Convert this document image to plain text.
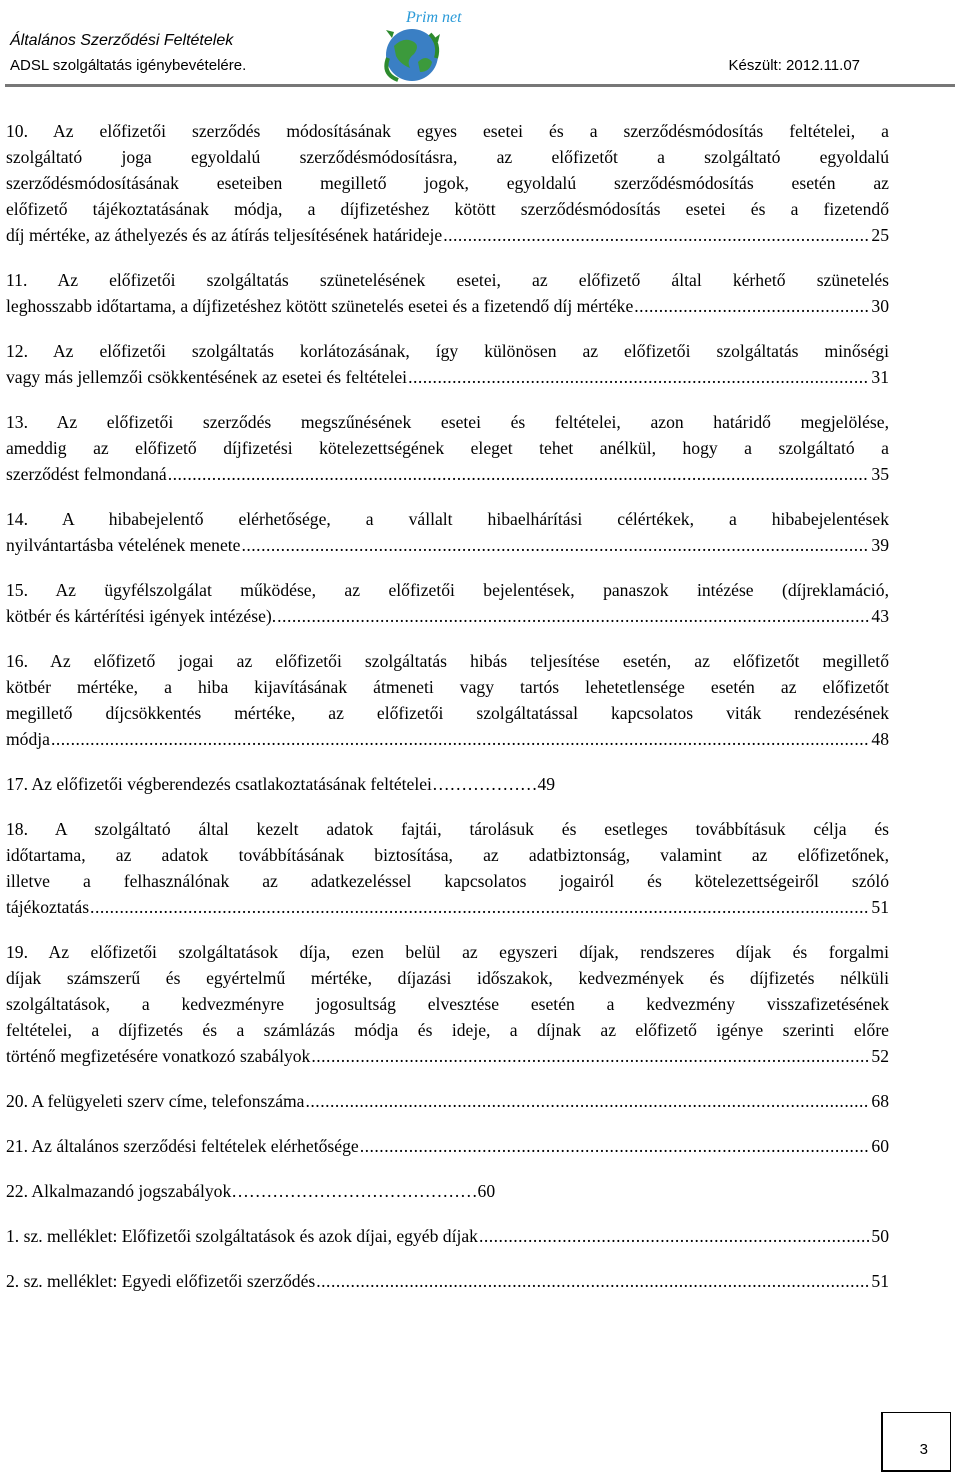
Általános Szerződési Feltételek
ADSL szolgáltatás igénybevételére.	Készült: 2012.11.07
Prim net
10. Az előfizetői szerződés módosításának egyes esetei és a szerződésmódosítás feltételei, a
szolgáltató joga egyoldalú szerződésmódosításra, az előfizetőt a szolgáltató egyoldalú
szerződésmódosításának eseteiben megillető jogok, egyoldalú szerződésmódosítás esetén az
előfizető tájékoztatásának módja, a díjfizetéshez kötött szerződésmódosítás esetei és a fizetendő
díj mértéke, az áthelyezés és az átírás teljesítésének határideje .....	25
11. Az előfizetői szolgáltatás szünetelésének esetei, az előfizető által kérhető szünetelés
leghosszabb időtartama, a díjfizetéshez kötött szünetelés esetei és a fizetendő díj mértéke .....	30
12. Az előfizetői szolgáltatás korlátozásának, így különösen az előfizetői szolgáltatás minőségi
vagy más jellemzői csökkentésének az esetei és feltételei .....	31
13. Az előfizetői szerződés megszűnésének esetei és feltételei, azon határidő megjelölése,
ameddig az előfizető díjfizetési kötelezettségének eleget tehet anélkül, hogy a szolgáltató a
szerződést felmondaná .....	35
14. A hibabejelentő elérhetősége, a vállalt hibaelhárítási célértékek, a hibabejelentések
nyilvántartásba vételének menete .....	39
15. Az ügyfélszolgálat működése, az előfizetői bejelentések, panaszok intézése (díjreklamáció,
kötbér és kártérítési igények intézése). .....	43
16. Az előfizető jogai az előfizetői szolgáltatás hibás teljesítése esetén, az előfizetőt megillető
kötbér mértéke, a hiba kijavításának átmeneti vagy tartós lehetetlensége esetén az előfizetőt
megillető díjcsökkentés mértéke, az előfizetői szolgáltatással kapcsolatos viták rendezésének
módja .....	48
17. Az előfizetői végberendezés csatlakoztatásának feltételei………………49
18. A szolgáltató által kezelt adatok fajtái, tárolásuk és esetleges továbbításuk célja és
időtartama, az adatok továbbításának biztosítása, az adatbiztonság, valamint az előfizetőnek,
illetve a felhasználónak az adatkezeléssel kapcsolatos jogairól és kötelezettségeiről szóló
tájékoztatás .....	51
19. Az előfizetői szolgáltatások díja, ezen belül az egyszeri díjak, rendszeres díjak és forgalmi
díjak számszerű és egyértelmű mértéke, díjazási időszakok, kedvezmények és díjfizetés nélküli
szolgáltatások, a kedvezményre jogosultság elvesztése esetén a kedvezmény visszafizetésének
feltételei, a díjfizetés és a számlázás módja és ideje, a díjnak az előfizető igénye szerinti előre
történő megfizetésére vonatkozó szabályok .....	52
20. A felügyeleti szerv címe, telefonszáma .....	68
21. Az általános szerződési feltételek elérhetősége .....	60
22. Alkalmazandó jogszabályok……………………………………60
1. sz. melléklet: Előfizetői szolgáltatások és azok díjai, egyéb díjak .....	50
2. sz. melléklet: Egyedi előfizetői szerződés .....	51
3
